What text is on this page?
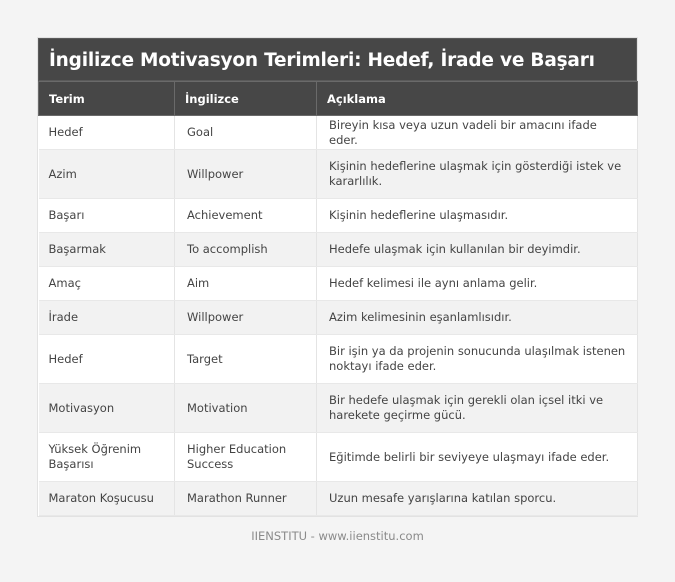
İngilizce Motivasyon Terimleri: Hedef, İrade ve Başarı
Terim	İngilizce	Açıklama
Hedef	Goal	Bireyin kısa veya uzun vadeli bir amacını ifade eder.
Azim	Willpower	Kişinin hedeflerine ulaşmak için gösterdiği istek ve kararlılık.
Başarı	Achievement	Kişinin hedeflerine ulaşmasıdır.
Başarmak	To accomplish	Hedefe ulaşmak için kullanılan bir deyimdir.
Amaç	Aim	Hedef kelimesi ile aynı anlama gelir.
İrade	Willpower	Azim kelimesinin eşanlamlısıdır.
Hedef	Target	Bir işin ya da projenin sonucunda ulaşılmak istenen noktayı ifade eder.
Motivasyon	Motivation	Bir hedefe ulaşmak için gerekli olan içsel itki ve harekete geçirme gücü.
Yüksek Öğrenim Başarısı	Higher Education Success	Eğitimde belirli bir seviyeye ulaşmayı ifade eder.
Maraton Koşucusu	Marathon Runner	Uzun mesafe yarışlarına katılan sporcu.
IIENSTITU - www.iienstitu.com
